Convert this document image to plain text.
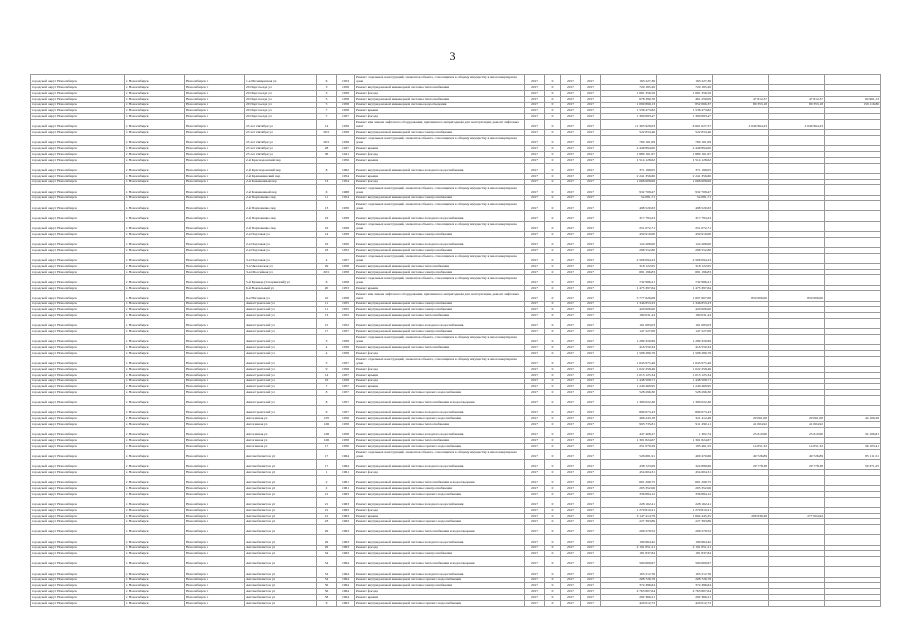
3
городской округ Новосибирск	г. Новосибирск	Новосибирск г	1-я Мочищенская ул	6	1953	Ремонт отдельных конструкций, элементов объекта, относящихся к общему имуществу в многоквартирном доме	2017	0	2017	2017	193 227,36	193 227,36			
городской округ Новосибирск	г. Новосибирск	Новосибирск г	20 Партсъезда ул	3	1958	Ремонт внутридомовой инженерной системы теплоснабжения	2017	0	2017	2017	720 185,20	720 185,20			
городской округ Новосибирск	г. Новосибирск	Новосибирск г	20 Партсъезда ул	3	1958	Ремонт фасада	2017	0	2017	2017	1 691 356,59	1 691 356,59			
городской округ Новосибирск	г. Новосибирск	Новосибирск г	20 Партсъезда ул	5	1958	Ремонт внутридомовой инженерной системы теплоснабжения	2017	0	2017	2017	678 390,76	461 259,09	47 812,37	47 812,37	94 961,13
городской округ Новосибирск	г. Новосибирск	Новосибирск г	20 Партсъезда ул	5	1958	Ремонт внутридомовой инженерной системы водоотведения	2017	0	2017	2017	1 090 890,13	852 066,37	80 353,18	80 353,18	159 116,86
городской округ Новосибирск	г. Новосибирск	Новосибирск г	20 Партсъезда ул	7	1958	Ремонт крыши	2017	0	2017	2017	1 536 473,82	1 536 473,82			
городской округ Новосибирск	г. Новосибирск	Новосибирск г	20 Партсъезда ул	7	1957	Ремонт фасада	2017	0	2017	2017	1 309 893,47	1 309 893,47			
городской округ Новосибирск	г. Новосибирск	Новосибирск г	25 лет Октября ул	14	1959	Ремонт или замена лифтового оборудования, признанного непригодным для эксплуатации, ремонт лифтовых шахт	2017	0	2017	2017	11 303 920,03	6 661 027,57	2 640 964,23	2 640 964,23	
городской округ Новосибирск	г. Новосибирск	Новосибирск г	25 лет Октября ул	20/1	1958	Ремонт внутридомовой инженерной системы электроснабжения	2017	0	2017	2017	522 653,46	522 653,46			
городской округ Новосибирск	г. Новосибирск	Новосибирск г	25 лет Октября ул	20/1	1958	Ремонт отдельных конструкций, элементов объекта, относящихся к общему имуществу в многоквартирном доме	2017	0	2017	2017	790 161,09	790 161,09			
городской округ Новосибирск	г. Новосибирск	Новосибирск г	25 лет Октября ул	28	1947	Ремонт крыши	2017	0	2017	2017	2 448 894,00	2 448 894,00			
городской округ Новосибирск	г. Новосибирск	Новосибирск г	25 лет Октября ул	36	1941	Ремонт фасада	2017	0	2017	2017	1 880 161,97	1 880 161,97			
городской округ Новосибирск	г. Новосибирск	Новосибирск г	2-й Краснодонский пер		1956	Ремонт крыши	2017	0	2017	2017	1 514 128,62	1 514 128,62			
городской округ Новосибирск	г. Новосибирск	Новосибирск г	2-й Краснодонский пер	8	1962	Ремонт внутридомовой инженерной системы холодного водоснабжения	2017	0	2017	2017	371 199,05	371 199,05			
городской округ Новосибирск	г. Новосибирск	Новосибирск г	2-й Крашенинский пер		1954	Ремонт крыши	2017	0	2017	2017	2 241 356,60	2 241 356,60			
городской округ Новосибирск	г. Новосибирск	Новосибирск г	2-й Кожевенный пер	13	1954	Ремонт фасада	2017	0	2017	2017	1 068 608,69	1 068 608,69			
городской округ Новосибирск	г. Новосибирск	Новосибирск г	2-й Кожевенный пер	6	1968	Ремонт отдельных конструкций, элементов объекта, относящихся к общему имуществу в многоквартирном доме	2017	0	2017	2017	932 708,47	932 708,47			
городской округ Новосибирск	г. Новосибирск	Новосибирск г	2-й Пархоменко пер	11	1954	Ремонт внутридомовой инженерной системы электроснабжения	2017	0	2017	2017	54 081,71	54 081,71			
городской округ Новосибирск	г. Новосибирск	Новосибирск г	2-й Пархоменко пер	13	1958	Ремонт отдельных конструкций, элементов объекта, относящихся к общему имуществу в многоквартирном доме	2017	0	2017	2017	498 520,63	498 520,63			
городской округ Новосибирск	г. Новосибирск	Новосибирск г	2-й Пархоменко пер	19	1958	Ремонт внутридомовой инженерной системы холодного водоснабжения	2017	0	2017	2017	317 793,23	317 793,23			
городской округ Новосибирск	г. Новосибирск	Новосибирск г	2-й Пархоменко пер	19	1958	Ремонт отдельных конструкций, элементов объекта, относящихся к общему имуществу в многоквартирном доме	2017	0	2017	2017	251 072,71	251 072,71			
городской округ Новосибирск	г. Новосибирск	Новосибирск г	2-я Портовая ул	14	1958	Ремонт внутридомовой инженерной системы электроснабжения	2017	0	2017	2017	450 910,00	450 910,00			
городской округ Новосибирск	г. Новосибирск	Новосибирск г	2-я Портовая ул	16	1950	Ремонт внутридомовой инженерной системы холодного водоснабжения	2017	0	2017	2017	124 208,00	124 208,00			
городской округ Новосибирск	г. Новосибирск	Новосибирск г	2-я Портовая ул	18	1953	Ремонт внутридомовой инженерной системы электроснабжения	2017	0	2017	2017	296 552,60	296 552,60			
городской округ Новосибирск	г. Новосибирск	Новосибирск г	3-я Портовая ул	4	1957	Ремонт отдельных конструкций, элементов объекта, относящихся к общему имуществу в многоквартирном доме	2017	0	2017	2017	2 566 094,23	2 566 094,23			
городской округ Новосибирск	г. Новосибирск	Новосибирск г	3-я Чкаловская ул	29	1958	Ремонт внутридомовой инженерной системы теплоснабжения	2017	0	2017	2017	318 122,95	318 122,95			
городской округ Новосибирск	г. Новосибирск	Новосибирск г	3-я Шоссейная ул	20/1	1958	Ремонт внутридомовой инженерной системы электроснабжения	2017	0	2017	2017	681 196,83	681 196,83			
городской округ Новосибирск	г. Новосибирск	Новосибирск г	5-й Бульвар (Гагаринский) ул	6	1958	Ремонт отдельных конструкций, элементов объекта, относящихся к общему имуществу в многоквартирном доме	2017	0	2017	2017	732 986,21	732 986,21			
городской округ Новосибирск	г. Новосибирск	Новосибирск г	6-й Вокзальный ул	20	1953	Ремонт крыши	2017	0	2017	2017	1 475 397,64	1 475 397,64			
городской округ Новосибирск	г. Новосибирск	Новосибирск г	9-я Нагорная ул	10	1958	Ремонт или замена лифтового оборудования, признанного непригодным для эксплуатации, ремонт лифтовых шахт	2017	0	2017	2017	5 777 626,08	1 607 607,60	850 000,00	850 000,00	
городской округ Новосибирск	г. Новосибирск	Новосибирск г	Авиастроителей ул	11	1955	Ремонт внутридомовой инженерной системы электроснабжения	2017	0	2017	2017	1 346 853,23	1 346 853,23			
городской округ Новосибирск	г. Новосибирск	Новосибирск г	Авиастроителей ул	11	1955	Ремонт внутридомовой инженерной системы электроснабжения	2017	0	2017	2017	420 006,00	420 006,00			
городской округ Новосибирск	г. Новосибирск	Новосибирск г	Авиастроителей ул	13	1952	Ремонт внутридомовой инженерной системы теплоснабжения	2017	0	2017	2017	180 031,24	180 031,24			
городской округ Новосибирск	г. Новосибирск	Новосибирск г	Авиастроителей ул	15	1952	Ремонт внутридомовой инженерной системы холодного водоснабжения	2017	0	2017	2017	161 083,03	161 083,03			
городской округ Новосибирск	г. Новосибирск	Новосибирск г	Авиастроителей ул	17	1957	Ремонт внутридомовой инженерной системы электроснабжения	2017	0	2017	2017	147 227,06	147 227,06			
городской округ Новосибирск	г. Новосибирск	Новосибирск г	Авиастроителей ул	3	1958	Ремонт отдельных конструкций, элементов объекта, относящихся к общему имуществу в многоквартирном доме	2017	0	2017	2017	1 289 320,69	1 289 320,69			
городской округ Новосибирск	г. Новосибирск	Новосибирск г	Авиастроителей ул	4	1958	Ремонт внутридомовой инженерной системы теплоснабжения	2017	0	2017	2017	416 550,34	416 550,34			
городской округ Новосибирск	г. Новосибирск	Новосибирск г	Авиастроителей ул	4	1958	Ремонт фасада	2017	0	2017	2017	1 508 280,79	1 508 280,79			
городской округ Новосибирск	г. Новосибирск	Новосибирск г	Авиастроителей ул	5	1957	Ремонт отдельных конструкций, элементов объекта, относящихся к общему имуществу в многоквартирном доме	2017	0	2017	2017	1 645 675,49	1 645 675,49			
городской округ Новосибирск	г. Новосибирск	Новосибирск г	Авиастроителей ул	9	1958	Ремонт фасада	2017	0	2017	2017	1 022 258,46	1 022 258,46			
городской округ Новосибирск	г. Новосибирск	Новосибирск г	Авиастроителей ул	14	1957	Ремонт крыши	2017	0	2017	2017	1 013 125,34	1 013 125,34			
городской округ Новосибирск	г. Новосибирск	Новосибирск г	Авиастроителей ул	16	1958	Ремонт фасада	2017	0	2017	2017	1 448 508,71	1 448 508,71			
городской округ Новосибирск	г. Новосибирск	Новосибирск г	Авиастроителей ул	7	1957	Ремонт крыши	2017	0	2017	2017	1 240 460,95	1 240 460,95			
городской округ Новосибирск	г. Новосибирск	Новосибирск г	Авиастроителей ул	8	1957	Ремонт внутридомовой инженерной системы горячего водоснабжения	2017	0	2017	2017	528 296,30	528 296,30			
городской округ Новосибирск	г. Новосибирск	Новосибирск г	Авиастроителей ул	8	1957	Ремонт внутридомовой инженерной системы теплоснабжения и водоотведения	2017	0	2017	2017	1 309 022,40	1 309 022,40			
городской округ Новосибирск	г. Новосибирск	Новосибирск г	Авиастроителей ул	9	1957	Ремонт внутридомовой инженерной системы холодного водоснабжения	2017	0	2017	2017	899 673,43	899 673,43			
городской округ Новосибирск	г. Новосибирск	Новосибирск г	Автогенная ул	105	1956	Ремонт внутридомовой инженерной системы горячего водоснабжения	2017	0	2017	2017	406 243,18	321 412,48	20 061,00	20 061,00	44 106,26
городской округ Новосибирск	г. Новосибирск	Новосибирск г	Автогенная ул	106	1958	Ремонт внутридомовой инженерной системы теплоснабжения	2017	0	2017	2017	993 735,81	911 290,11	41 004,92	41 004,92	
городской округ Новосибирск	г. Новосибирск	Новосибирск г	Автогенная ул	106	1958	Ремонт внутридомовой инженерной системы холодного водоснабжения	2017	0	2017	2017	447 408,27	1 302,74	25 610,90	25 610,90	32 106,81
городской округ Новосибирск	г. Новосибирск	Новосибирск г	Автогенная ул	106	1958	Ремонт внутридомовой инженерной системы теплоснабжения	2017	0	2017	2017	1 301 824,67	1 301 824,67			
городской округ Новосибирск	г. Новосибирск	Новосибирск г	Автогенная ул	17	1956	Ремонт внутридомовой инженерной системы горячего водоснабжения	2017	0	2017	2017	251 070,29	195 461,55	14 651,32	14 651,32	36 103,41
городской округ Новосибирск	г. Новосибирск	Новосибирск г	Автомобилистов ул	17	1964	Ремонт отдельных конструкций, элементов объекта, относящихся к общему имуществу в многоквартирном доме	2017	0	2017	2017	526 681,91	400 470,66	40 726,89	40 726,89	85 111,51
городской округ Новосибирск	г. Новосибирск	Новосибирск г	Автомобилистов ул	17	1964	Ремонт внутридомовой инженерной системы холодного водоснабжения	2017	0	2017	2017	438 723,09	324 889,69	29 778,38	29 778,38	59 371,25
городской округ Новосибирск	г. Новосибирск	Новосибирск г	Автомобилистов ул	1	1961	Ремонт фасада	2017	0	2017	2017	454 604,31	454 604,31			
городской округ Новосибирск	г. Новосибирск	Новосибирск г	Автомобилистов ул	2	1961	Ремонт внутридомовой инженерной системы теплоснабжения и водоотведения	2017	0	2017	2017	661 299,75	661 299,75			
городской округ Новосибирск	г. Новосибирск	Новосибирск г	Автомобилистов ул	2	1961	Ремонт внутридомовой инженерной системы электроснабжения	2017	0	2017	2017	205 352,06	205 352,06			
городской округ Новосибирск	г. Новосибирск	Новосибирск г	Автомобилистов ул	21	1963	Ремонт внутридомовой инженерной системы горячего водоснабжения	2017	0	2017	2017	336 884,12	336 884,12			
городской округ Новосибирск	г. Новосибирск	Новосибирск г	Автомобилистов ул	21	1963	Ремонт внутридомовой инженерной системы холодного водоснабжения	2017	0	2017	2017	228 162,41	228 162,41			
городской округ Новосибирск	г. Новосибирск	Новосибирск г	Автомобилистов ул	21	1963	Ремонт фасада	2017	0	2017	2017	1 279 810,21	1 279 810,21			
городской округ Новосибирск	г. Новосибирск	Новосибирск г	Автомобилистов ул	21	1963	Ремонт крыши	2017	0	2017	2017	3 147 414,79	1 662 445,25	208 638,49	277 004,92	
городской округ Новосибирск	г. Новосибирск	Новосибирск г	Автомобилистов ул	23	1963	Ремонт внутридомовой инженерной системы горячего водоснабжения	2017	0	2017	2017	227 393,86	227 393,86			
городской округ Новосибирск	г. Новосибирск	Новосибирск г	Автомобилистов ул	29	1963	Ремонт внутридомовой инженерной системы теплоснабжения и водоотведения	2017	0	2017	2017	209 279,52	209 279,52			
городской округ Новосибирск	г. Новосибирск	Новосибирск г	Автомобилистов ул	29	1963	Ремонт внутридомовой инженерной системы холодного водоснабжения	2017	0	2017	2017	199 864,42	199 864,42			
городской округ Новосибирск	г. Новосибирск	Новосибирск г	Автомобилистов ул	29	1963	Ремонт фасада	2017	0	2017	2017	2 191 851,21	2 191 851,21			
городской округ Новосибирск	г. Новосибирск	Новосибирск г	Автомобилистов ул	34	1963	Ремонт внутридомовой инженерной системы электроснабжения	2017	0	2017	2017	181 837,84	181 837,84			
городской округ Новосибирск	г. Новосибирск	Новосибирск г	Автомобилистов ул	54	1964	Ремонт внутридомовой инженерной системы теплоснабжения и водоотведения	2017	0	2017	2017	560 669,67	560 669,67			
городской округ Новосибирск	г. Новосибирск	Новосибирск г	Автомобилистов ул	54	1964	Ремонт внутридомовой инженерной системы холодного водоснабжения	2017	0	2017	2017	165 212,76	165 212,76			
городской округ Новосибирск	г. Новосибирск	Новосибирск г	Автомобилистов ул	54	1964	Ремонт внутридомовой инженерной системы горячего водоснабжения	2017	0	2017	2017	208 726,79	208 726,79			
городской округ Новосибирск	г. Новосибирск	Новосибирск г	Автомобилистов ул	56	1964	Ремонт внутридомовой инженерной системы электроснабжения	2017	0	2017	2017	374 386,64	374 386,64			
городской округ Новосибирск	г. Новосибирск	Новосибирск г	Автомобилистов ул	56	1964	Ремонт фасада	2017	0	2017	2017	2 763 807,64	2 763 807,64			
городской округ Новосибирск	г. Новосибирск	Новосибирск г	Автомобилистов ул	58	1964	Ремонт крыши	2017	0	2017	2017	292 366,21	292 366,21			
городской округ Новосибирск	г. Новосибирск	Новосибирск г	Автомобилистов ул	6	1963	Ремонт внутридомовой инженерной системы горячего водоснабжения	2017	0	2017	2017	420 012,73	420 012,73			
